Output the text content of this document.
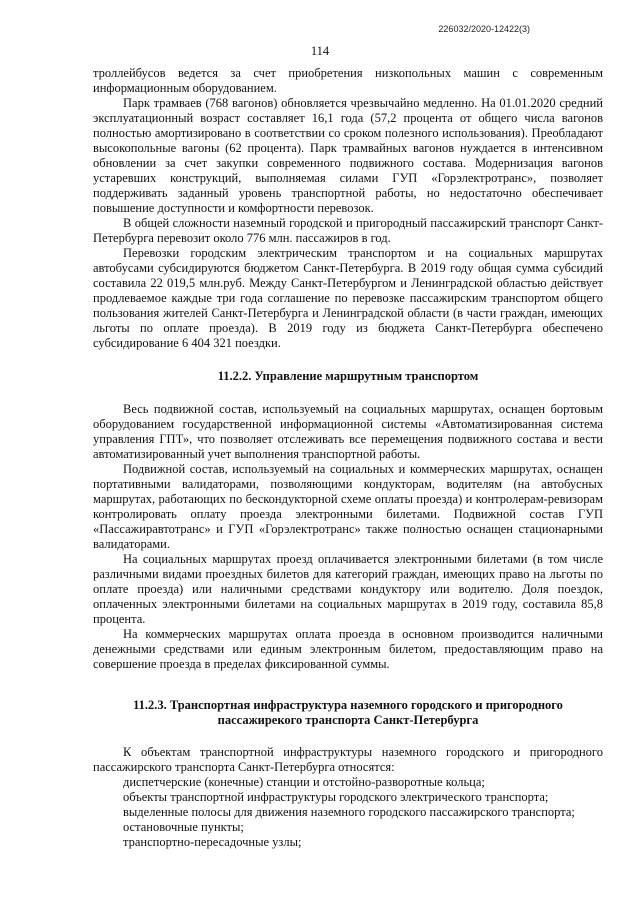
226032/2020-12422(3)
114

троллейбусов ведется за счет приобретения низкопольных машин с современным информационным оборудованием.

Парк трамваев (768 вагонов) обновляется чрезвычайно медленно. На 01.01.2020 средний эксплуатационный возраст составляет 16,1 года (57,2 процента от общего числа вагонов полностью амортизировано в соответствии со сроком полезного использования). Преобладают высокопольные вагоны (62 процента). Парк трамвайных вагонов нуждается в интенсивном обновлении за счет закупки современного подвижного состава. Модернизация вагонов устаревших конструкций, выполняемая силами ГУП «Горэлектротранс», позволяет поддерживать заданный уровень транспортной работы, но недостаточно обеспечивает повышение доступности и комфортности перевозок.

В общей сложности наземный городской и пригородный пассажирский транспорт Санкт-Петербурга перевозит около 776 млн. пассажиров в год.

Перевозки городским электрическим транспортом и на социальных маршрутах автобусами субсидируются бюджетом Санкт-Петербурга. В 2019 году общая сумма субсидий составила 22 019,5 млн.руб. Между Санкт-Петербургом и Ленинградской областью действует продлеваемое каждые три года соглашение по перевозке пассажирским транспортом общего пользования жителей Санкт-Петербурга и Ленинградской области (в части граждан, имеющих льготы по оплате проезда). В 2019 году из бюджета Санкт-Петербурга обеспечено субсидирование 6 404 321 поездки.

11.2.2. Управление маршрутным транспортом

Весь подвижной состав, используемый на социальных маршрутах, оснащен бортовым оборудованием государственной информационной системы «Автоматизированная система управления ГПТ», что позволяет отслеживать все перемещения подвижного состава и вести автоматизированный учет выполнения транспортной работы.

Подвижной состав, используемый на социальных и коммерческих маршрутах, оснащен портативными валидаторами, позволяющими кондукторам, водителям (на автобусных маршрутах, работающих по бескондукторной схеме оплаты проезда) и контролерам-ревизорам контролировать оплату проезда электронными билетами. Подвижной состав ГУП «Пассажиравтотранс» и ГУП «Горэлектротранс» также полностью оснащен стационарными валидаторами.

На социальных маршрутах проезд оплачивается электронными билетами (в том числе различными видами проездных билетов для категорий граждан, имеющих право на льготы по оплате проезда) или наличными средствами кондуктору или водителю. Доля поездок, оплаченных электронными билетами на социальных маршрутах в 2019 году, составила 85,8 процента.

На коммерческих маршрутах оплата проезда в основном производится наличными денежными средствами или единым электронным билетом, предоставляющим право на совершение проезда в пределах фиксированной суммы.

11.2.3. Транспортная инфраструктура наземного городского и пригородного
пассажирекого транспорта Санкт-Петербурга

К объектам транспортной инфраструктуры наземного городского и пригородного пассажирского транспорта Санкт-Петербурга относятся:

диспетчерские (конечные) станции и отстойно-разворотные кольца;

объекты транспортной инфраструктуры городского электрического транспорта;

выделенные полосы для движения наземного городского пассажирского транспорта;

остановочные пункты;

транспортно-пересадочные узлы;
